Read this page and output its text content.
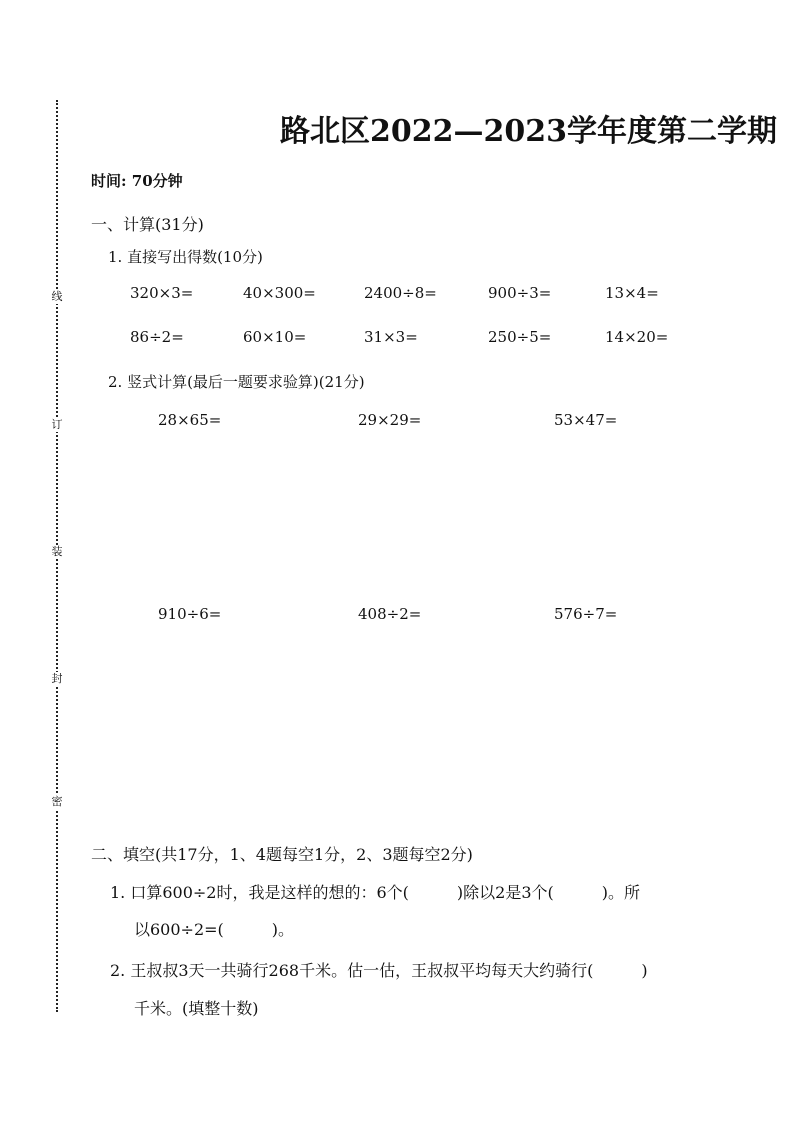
线
订
装
封
密
路北区2022—2023学年度第二学期
时间: 70分钟
一、计算(31分)
1. 直接写出得数(10分)
320×3=	40×300=	2400÷8=	900÷3=	13×4=
86÷2=	60×10=	31×3=	250÷5=	14×20=
2. 竖式计算(最后一题要求验算)(21分)
28×65=	29×29=	53×47=
910÷6=	408÷2=	576÷7=
二、填空(共17分，1、4题每空1分，2、3题每空2分)
1. 口算600÷2时，我是这样的想的：6个(　　　)除以2是3个(　　　)。所
以600÷2=(　　　)。
2. 王叔叔3天一共骑行268千米。估一估，王叔叔平均每天大约骑行(　　　)
千米。(填整十数)
